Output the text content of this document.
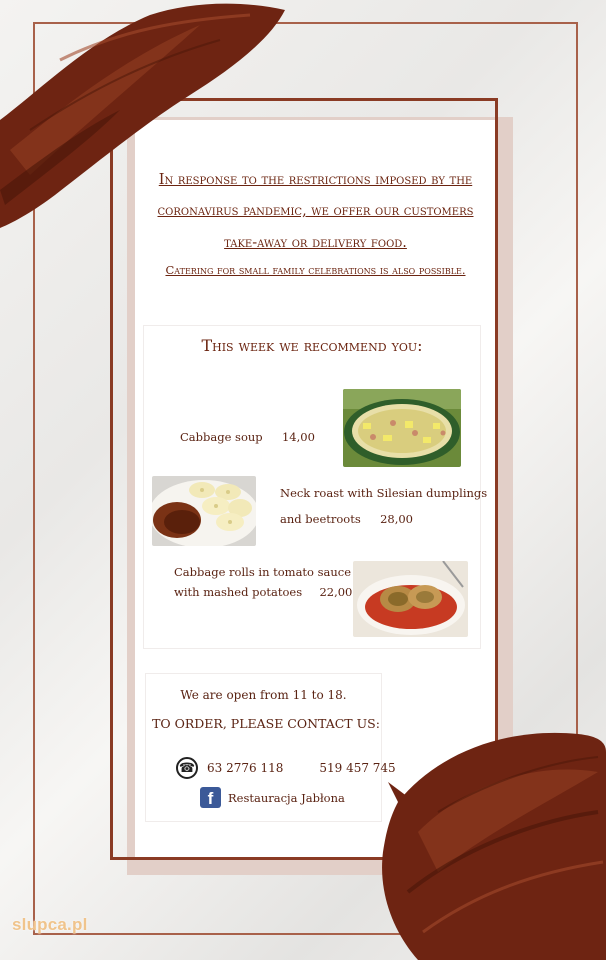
In response to the restrictions imposed by the
coronavirus pandemic, we offer our customers
take-away or delivery food.
Catering for small family celebrations is also possible.
This week we recommend you:
Cabbage soup 14,00
Neck roast with Silesian dumplings
and beetroots 28,00
Cabbage rolls in tomato sauce
with mashed potatoes 22,00
We are open from 11 to 18.
TO ORDER, PLEASE CONTACT US:
☎ 63 2776 118	519 457 745
f	Restauracja Jabłona
slupca.pl
